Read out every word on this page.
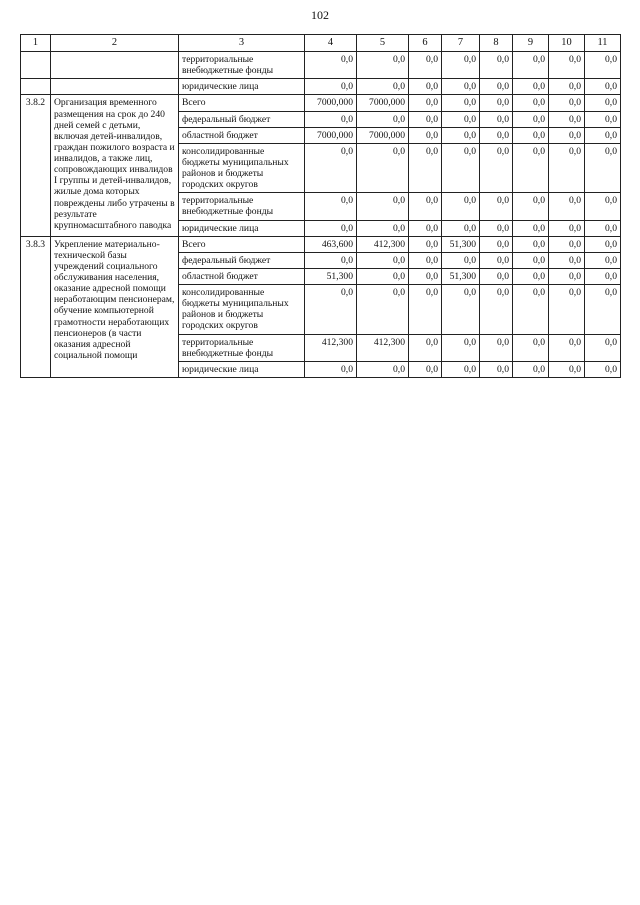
102
1	2	3	4	5	6	7	8	9	10	11
		территориальные внебюджетные фонды	0,0	0,0	0,0	0,0	0,0	0,0	0,0	0,0
		юридические лица	0,0	0,0	0,0	0,0	0,0	0,0	0,0	0,0
3.8.2	Организация временного размещения на срок до 240 дней семей с детьми, включая детей-инвалидов, граждан пожилого возраста и инвалидов, а также лиц, сопровождающих инвалидов I группы и детей-инвалидов, жилые дома которых повреждены либо утрачены в результате крупномасштабного паводка	Всего	7000,000	7000,000	0,0	0,0	0,0	0,0	0,0	0,0
		федеральный бюджет	0,0	0,0	0,0	0,0	0,0	0,0	0,0	0,0
		областной бюджет	7000,000	7000,000	0,0	0,0	0,0	0,0	0,0	0,0
		консолидированные бюджеты муниципальных районов и бюджеты городских округов	0,0	0,0	0,0	0,0	0,0	0,0	0,0	0,0
		территориальные внебюджетные фонды	0,0	0,0	0,0	0,0	0,0	0,0	0,0	0,0
		юридические лица	0,0	0,0	0,0	0,0	0,0	0,0	0,0	0,0
3.8.3	Укрепление материально-технической базы учреждений социального обслуживания населения, оказание адресной помощи неработающим пенсионерам, обучение компьютерной грамотности неработающих пенсионеров (в части оказания адресной социальной помощи	Всего	463,600	412,300	0,0	51,300	0,0	0,0	0,0	0,0
		федеральный бюджет	0,0	0,0	0,0	0,0	0,0	0,0	0,0	0,0
		областной бюджет	51,300	0,0	0,0	51,300	0,0	0,0	0,0	0,0
		консолидированные бюджеты муниципальных районов и бюджеты городских округов	0,0	0,0	0,0	0,0	0,0	0,0	0,0	0,0
		территориальные внебюджетные фонды	412,300	412,300	0,0	0,0	0,0	0,0	0,0	0,0
		юридические лица	0,0	0,0	0,0	0,0	0,0	0,0	0,0	0,0
